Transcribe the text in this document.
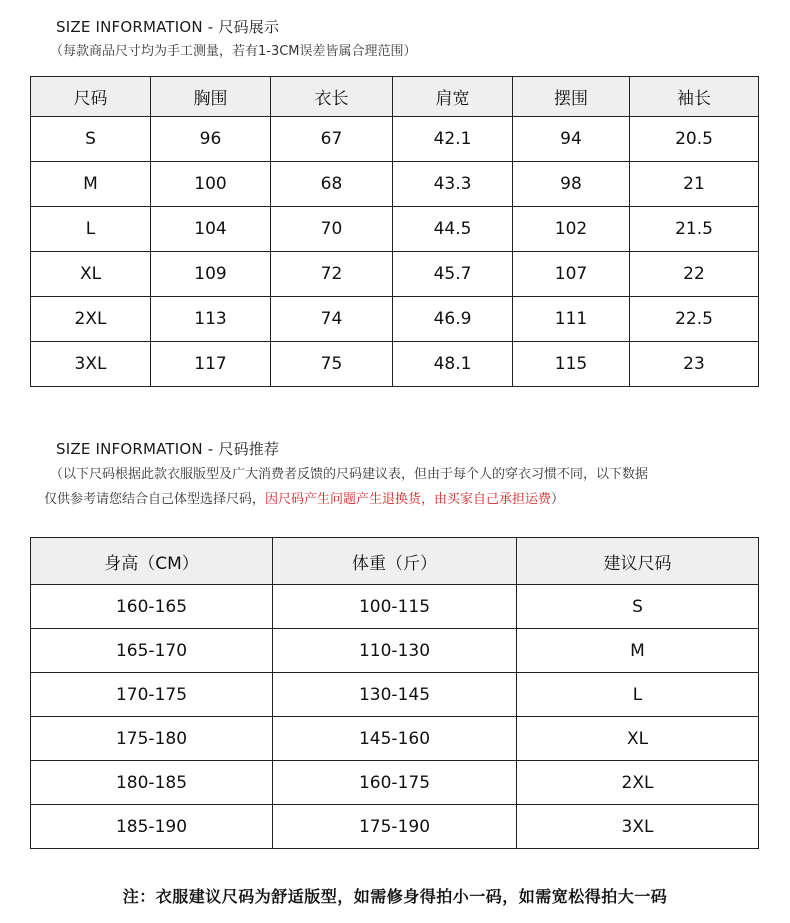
SIZE INFORMATION - 尺码展示
（每款商品尺寸均为手工测量，若有1-3CM误差皆属合理范围）
尺码	胸围	衣长	肩宽	摆围	袖长
S	96	67	42.1	94	20.5
M	100	68	43.3	98	21
L	104	70	44.5	102	21.5
XL	109	72	45.7	107	22
2XL	113	74	46.9	111	22.5
3XL	117	75	48.1	115	23
SIZE INFORMATION - 尺码推荐
（以下尺码根据此款衣服版型及广大消费者反馈的尺码建议表，但由于每个人的穿衣习惯不同，以下数据
仅供参考请您结合自己体型选择尺码，因尺码产生问题产生退换货，由买家自己承担运费）
身高（CM）	体重（斤）	建议尺码
160-165	100-115	S
165-170	110-130	M
170-175	130-145	L
175-180	145-160	XL
180-185	160-175	2XL
185-190	175-190	3XL
注：衣服建议尺码为舒适版型，如需修身得拍小一码，如需宽松得拍大一码
